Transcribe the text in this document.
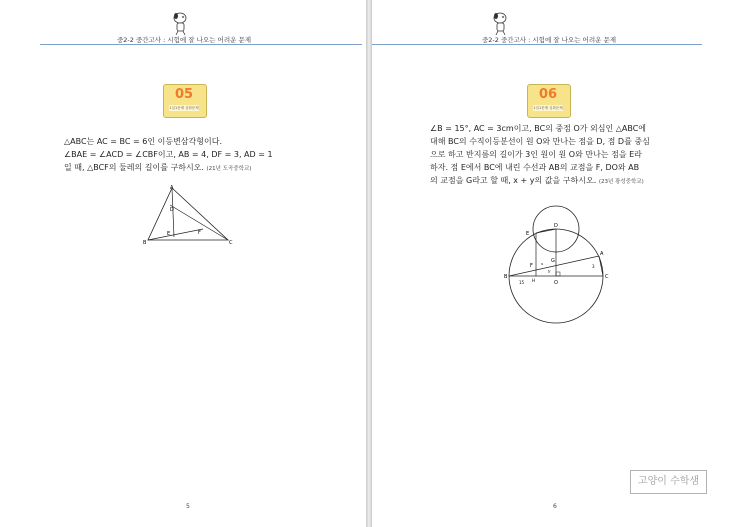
중2-2 중간고사 : 시험에 잘 나오는 어려운 문제
05
1일1문제 심화문제
△ABC는 AC = BC = 6인 이등변삼각형이다.
∠BAE = ∠ACD = ∠CBF이고, AB = 4, DF = 3, AD = 1
일 때, △BCF의 둘레의 길이를 구하시오. (21년 도곡중학교)
A
B	C
D
E	F
5
중2-2 중간고사 : 시험에 잘 나오는 어려운 문제
06
1일1문제 심화문제
∠B = 15°, AC = 3cm이고, BC의 중점 O가 외심인 △ABC에
대해 BC의 수직이등분선이 원 O와 만나는 점을 D, 점 D를 중심
으로 하고 반지름의 길이가 3인 원이 원 O와 만나는 점을 E라
하자. 점 E에서 BC에 내린 수선과 AB의 교점을 F, DO와 AB
의 교점을 G라고 할 때, x + y의 값을 구하시오. (23년 광성중학교)
E
D
B	C
A
O
F
G
H
x
y
3
15
6
고양이 수학샘
